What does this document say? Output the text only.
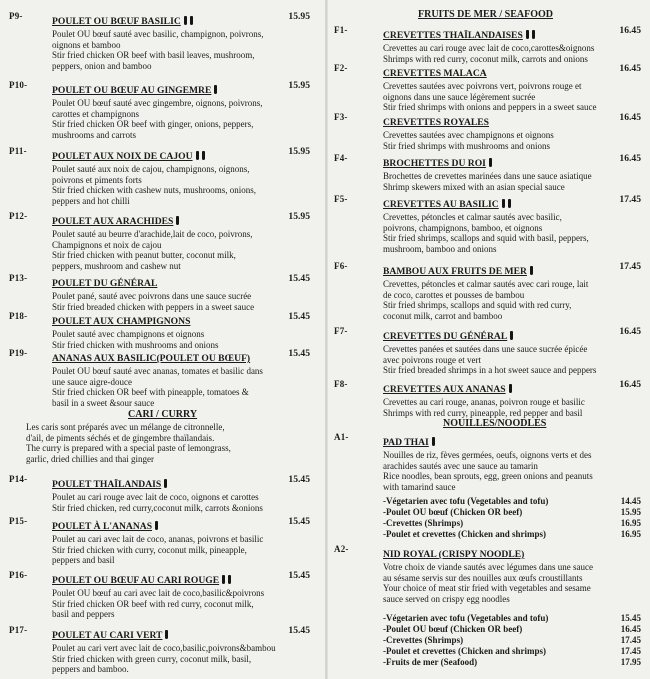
P9-	POULET OU BŒUF BASILIC	15.95
Poulet OU bœuf sauté avec basilic, champignon, poivrons,
oignons et bamboo
Stir fried chicken OR beef with basil leaves, mushroom,
peppers, onion and bamboo
P10-	POULET OU BŒUF AU GINGEMRE	15.95
Poulet OU bœuf sauté avec gingembre, oignons, poivrons,
carottes et champignons
Stir fried chicken OR beef with ginger, onions, peppers,
mushrooms and carrots
P11-	POULET AUX NOIX DE CAJOU	15.95
Poulet sauté aux noix de cajou, champignons, oignons,
poivrons et piments forts
Stir fried chicken with cashew nuts, mushrooms, onions,
peppers and hot chilli
P12-	POULET AUX ARACHIDES	15.95
Poulet sauté au beurre d'arachide,lait de coco, poivrons,
Champignons et noix de cajou
Stir fried chicken with peanut butter, coconut milk,
peppers, mushroom and cashew nut
P13-	POULET DU GÉNÉRAL	15.45
Poulet pané, sauté avec poivrons dans une sauce sucrée
Stir fried breaded chicken with peppers in a sweet sauce
P18-	POULET AUX CHAMPIGNONS	15.45
Poulet sauté avec champignons et oignons
Stir fried chicken with mushrooms and onions
P19-	ANANAS AUX BASILIC(POULET OU BŒUF)	15.45
Poulet OU bœuf sauté avec ananas, tomates et basilic dans
une sauce aigre-douce
Stir fried chicken OR beef with pineapple, tomatoes &
basil in a sweet &sour sauce
P14-	POULET THAÏLANDAIS	15.45
Poulet au cari rouge avec lait de coco, oignons et carottes
Stir fried chicken, red curry,coconut milk, carrots &onions
P15-	POULET À L'ANANAS	15.45
Poulet au cari avec lait de coco, ananas, poivrons et basilic
Stir fried chicken with curry, coconut milk, pineapple,
peppers and basil
P16-	POULET OU BŒUF AU CARI ROUGE	15.45
Poulet OU bœuf au cari avec lait de coco,basilic&poivrons
Stir fried chicken OR beef with red curry, coconut milk,
basil and peppers
P17-	POULET AU CARI VERT	15.45
Poulet au cari vert avec lait de coco,basilic,poivrons&bambou
Stir fried chicken with green curry, coconut milk, basil,
peppers and bamboo.
CARI / CURRY
Les caris sont préparés avec un mélange de citronnelle,
d'ail, de piments séchés et de gingembre thaïlandais.
The curry is prepared with a special paste of lemongrass,
garlic, dried chillies and thai ginger
FRUITS DE MER / SEAFOOD
F1-	CREVETTES THAÏLANDAISES	16.45
Crevettes au cari rouge avec lait de coco,carottes&oignons
Shrimps with red curry, coconut milk, carrots and onions
F2-	CREVETTES MALACA	16.45
Crevettes sautées avec poivrons vert, poivrons rouge et
oignons dans une sauce légèrement sucrée
Stir fried shrimps with onions and peppers in a sweet sauce
F3-	CREVETTES ROYALES	16.45
Crevettes sautées avec champignons et oignons
Stir fried shrimps with mushrooms and onions
F4-	BROCHETTES DU ROI	16.45
Brochettes de crevettes marinées dans une sauce asiatique
Shrimp skewers mixed with an asian special sauce
F5-	CREVETTES AU BASILIC	17.45
Crevettes, pétoncles et calmar sautés avec basilic,
poivrons, champignons, bamboo, et oignons
Stir fried shrimps, scallops and squid with basil, peppers,
mushroom, bamboo and onions
F6-	BAMBOU AUX FRUITS DE MER	17.45
Crevettes, pétoncles et calmar sautés avec cari rouge, lait
de coco, carottes et pousses de bambou
Stir fried shrimps, scallops and squid with red curry,
coconut milk, carrot and bamboo
F7-	CREVETTES DU GÉNÉRAL	16.45
Crevettes panées et sautées dans une sauce sucrée épicée
avec poivrons rouge et vert
Stir fried breaded shrimps in a hot sweet sauce and peppers
F8-	CREVETTES AUX ANANAS	16.45
Crevettes au cari rouge, ananas, poivron rouge et basilic
Shrimps with red curry, pineapple, red pepper and basil
NOUILLES/NOODLES
A1-	PAD THAI
Nouilles de riz, fèves germées, oeufs, oignons verts et des
arachides sautés avec une sauce au tamarin
Rice noodles, bean sprouts, egg, green onions and peanuts
with tamarind sauce
-Végetarien avec tofu (Vegetables and tofu)	14.45
-Poulet OU bœuf (Chicken OR beef)	15.95
-Crevettes (Shrimps)	16.95
-Poulet et crevettes (Chicken and shrimps)	16.95
A2-	NID ROYAL (CRISPY NOODLE)
Votre choix de viande sautés avec légumes dans une sauce
au sésame servis sur des nouilles aux œufs croustillants
Your choice of meat stir fried with vegetables and sesame
sauce served on crispy egg noodles
-Végetarien avec tofu (Vegetables and tofu)	15.45
-Poulet OU bœuf (Chicken OR beef)	16.45
-Crevettes (Shrimps)	17.45
-Poulet et crevettes (Chicken and shrimps)	17.45
-Fruits de mer (Seafood)	17.95
